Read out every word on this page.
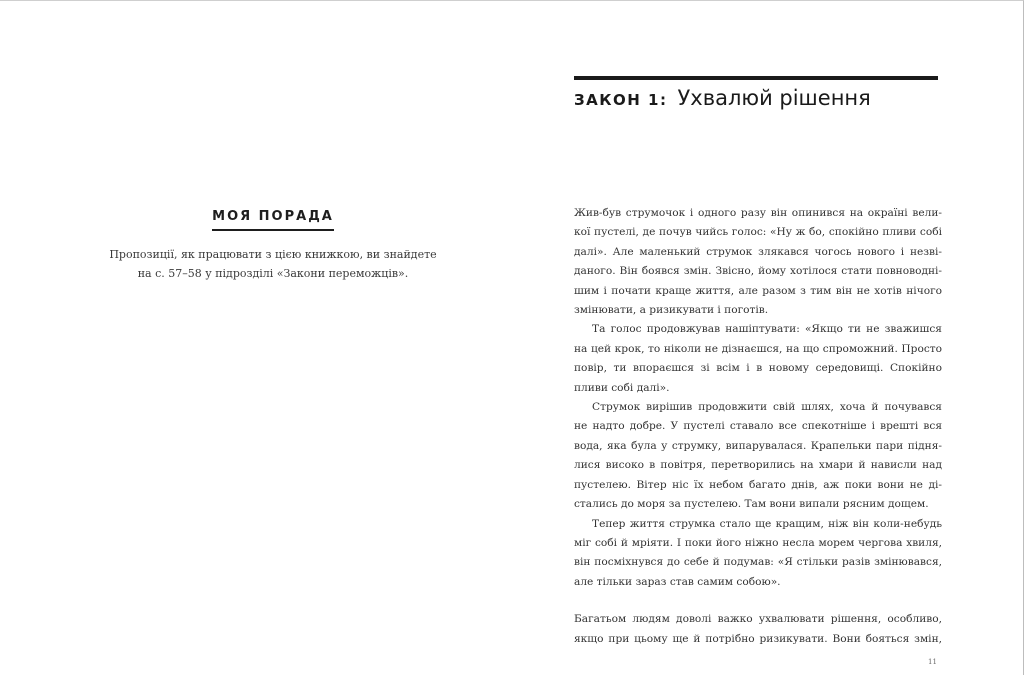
МОЯ ПОРАДА
Пропозиції, як працювати з цією книжкою, ви знайдете
на с. 57–58 у підрозділі «Закони переможців».
ЗАКОН 1: Ухвалюй рішення
Жив-був струмочок і одного разу він опинився на окраїні вели-
кої пустелі, де почув чийсь голос: «Ну ж бо, спокійно пливи собі
далі». Але маленький струмок злякався чогось нового і незві-
даного. Він боявся змін. Звісно, йому хотілося стати повноводні-
шим і почати краще життя, але разом з тим він не хотів нічого
змінювати, а ризикувати і поготів.
Та голос продовжував нашіптувати: «Якщо ти не зважишся
на цей крок, то ніколи не дізнаєшся, на що спроможний. Просто
повір, ти впораєшся зі всім і в новому середовищі. Спокійно
пливи собі далі».
Струмок вирішив продовжити свій шлях, хоча й почувався
не надто добре. У пустелі ставало все спекотніше і врешті вся
вода, яка була у струмку, випарувалася. Крапельки пари підня-
лися високо в повітря, перетворились на хмари й нависли над
пустелею. Вітер ніс їх небом багато днів, аж поки вони не ді-
стались до моря за пустелею. Там вони випали рясним дощем.
Тепер життя струмка стало ще кращим, ніж він коли-небудь
міг собі й мріяти. І поки його ніжно несла морем чергова хвиля,
він посміхнувся до себе й подумав: «Я стільки разів змінювався,
але тільки зараз став самим собою».
Багатьом людям доволі важко ухвалювати рішення, особливо,
якщо при цьому ще й потрібно ризикувати. Вони бояться змін,
11
